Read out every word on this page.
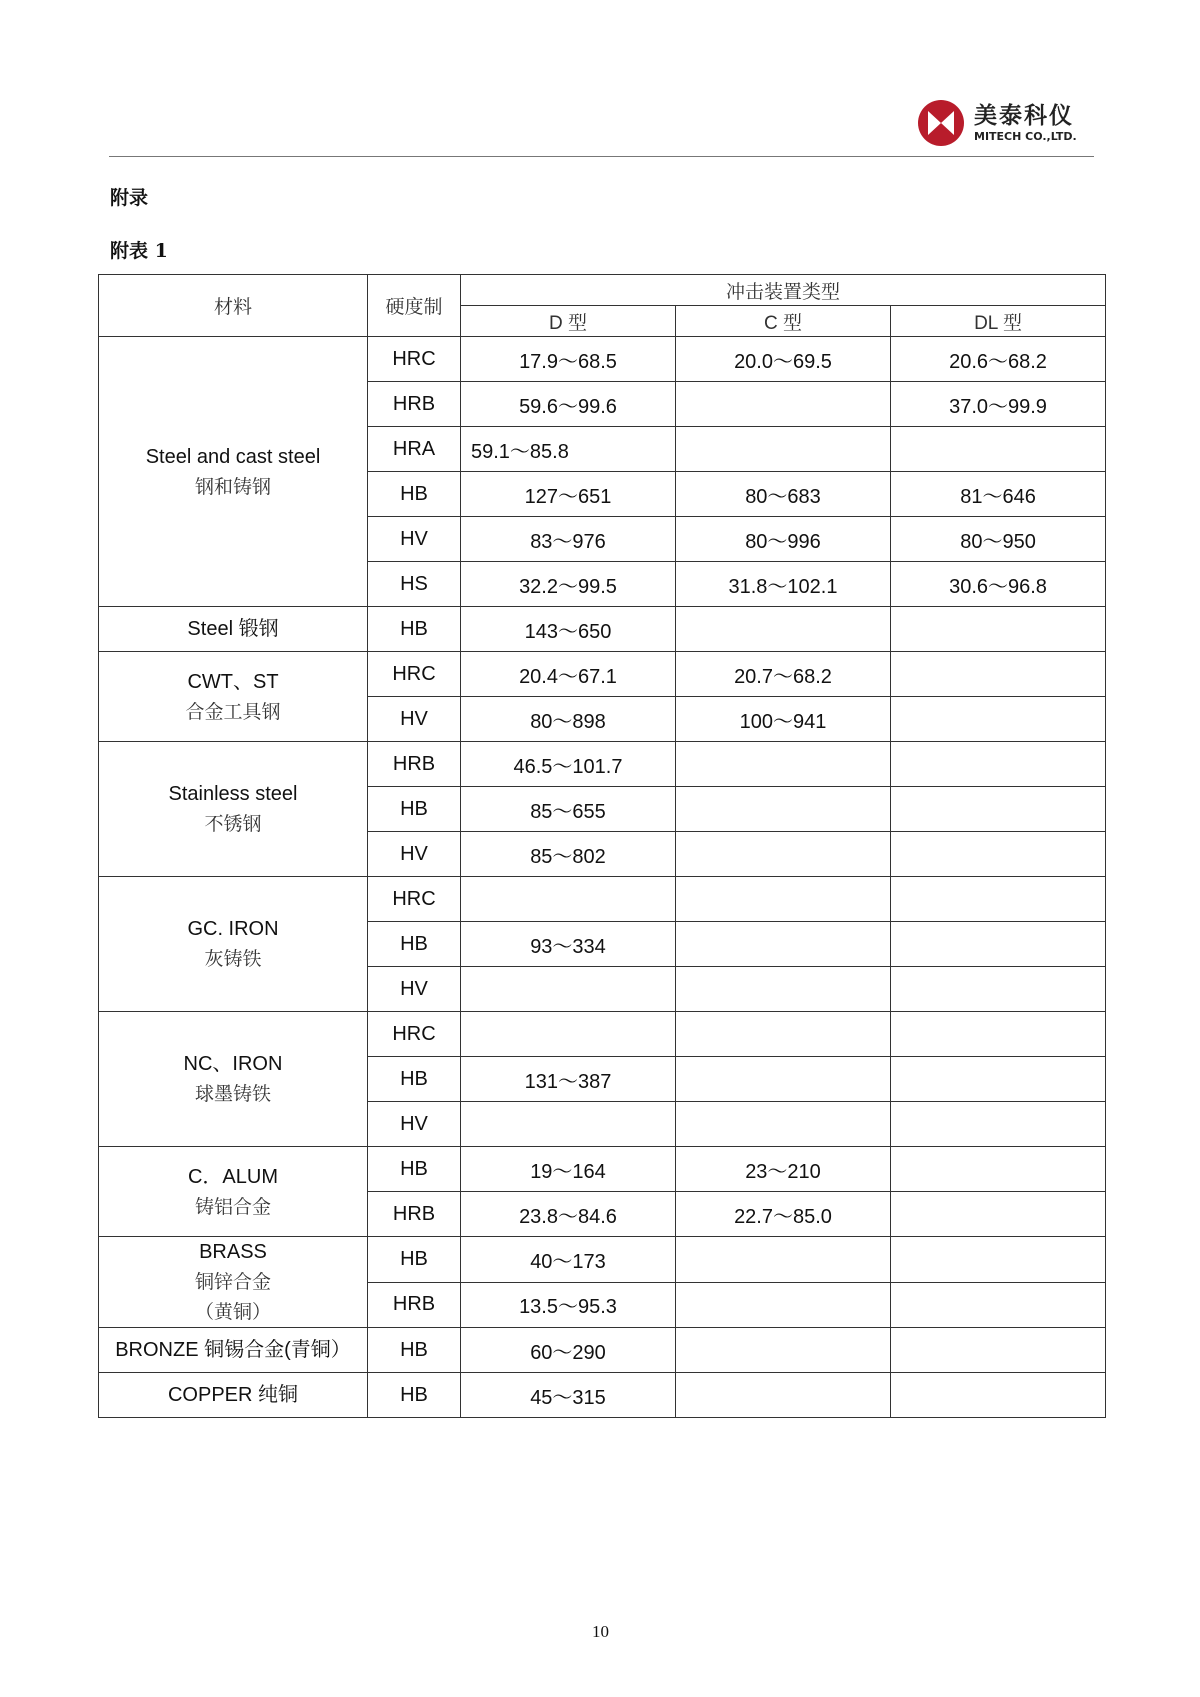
美泰科仪
MITECH CO.,LTD.
附录
附表 1
材料	硬度制	冲击装置类型		
		D 型	C 型	DL 型

Steel and cast steel
钢和铸钢	HRC	17.9～68.5	20.0～69.5	20.6～68.2
	HRB	59.6～99.6		37.0～99.9
	HRA	59.1～85.8		
	HB	127～651	80～683	81～646
	HV	83～976	80～996	80～950
	HS	32.2～99.5	31.8～102.1	30.6～96.8

Steel 锻钢	HB	143～650		

CWT、ST
合金工具钢	HRC	20.4～67.1	20.7～68.2	
	HV	80～898	100～941	

Stainless steel
不锈钢	HRB	46.5～101.7		
	HB	85～655		
	HV	85～802		

GC. IRON
灰铸铁	HRC			
	HB	93～334		
	HV			

NC、IRON
球墨铸铁	HRC			
	HB	131～387		
	HV			

C．ALUM
铸铝合金	HB	19～164	23～210	
	HRB	23.8～84.6	22.7～85.0	

BRASS
铜锌合金
（黄铜）	HB	40～173		
	HRB	13.5～95.3		

BRONZE 铜锡合金(青铜）	HB	60～290		

COPPER 纯铜	HB	45～315		
10
